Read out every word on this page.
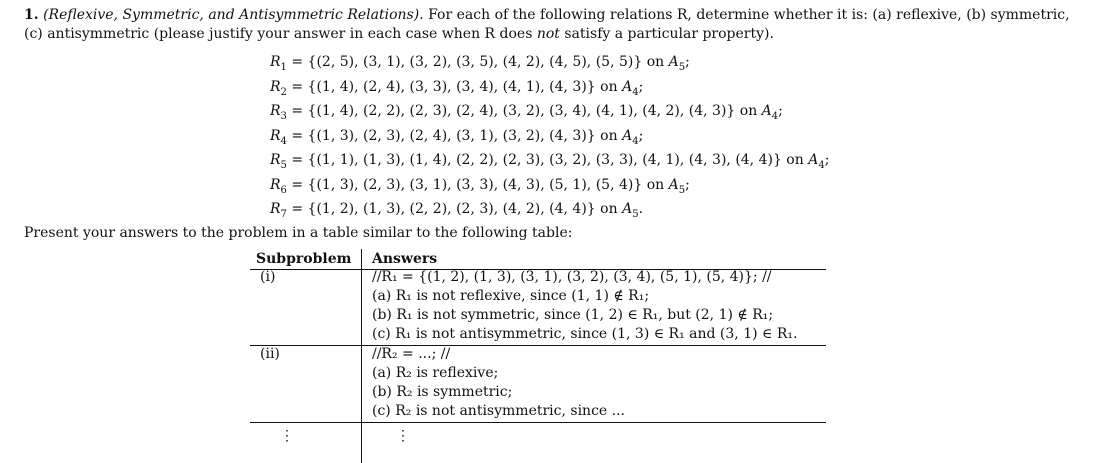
1. (Reflexive, Symmetric, and Antisymmetric Relations). For each of the following relations R, determine whether it is: (a) reflexive, (b) symmetric, (c) antisymmetric (please justify your answer in each case when R does not satisfy a particular property).
$R_1 = \{(2$, 5), (3, 1), (3, 2), (3, 5), (4, 2), (4, 5), (5, 5)} on $A_5$;
$R_2 = \{(1$, 4), (2, 4), (3, 3), (3, 4), (4, 1), (4, 3)} on $A_4$;
$R_3 = \{(1$, 4), (2, 2), (2, 3), (2, 4), (3, 2), (3, 4), (4, 1), (4, 2), (4, 3)} on $A_4$;
$R_4 = \{(1$, 3), (2, 3), (2, 4), (3, 1), (3, 2), (4, 3)} on $A_4$;
$R_5 = \{(1$, 1), (1, 3), (1, 4), (2, 2), (2, 3), (3, 2), (3, 3), (4, 1), (4, 3), (4, 4)} on $A_4$;
$R_6 = \{(1$, 3), (2, 3), (3, 1), (3, 3), (4, 3), (5, 1), (5, 4)} on $A_5$;
$R_7 = \{(1$, 2), (1, 3), (2, 2), (2, 3), (4, 2), (4, 4)} on $A_5$.
Present your answers to the problem in a table similar to the following table:
Subproblem Answers
(i)	//R₁ = {(1, 2), (1, 3), (3, 1), (3, 2), (3, 4), (5, 1), (5, 4)}; //
(a) R₁ is not reflexive, since (1, 1) ∉ R₁;
(b) R₁ is not symmetric, since (1, 2) ∈ R₁, but (2, 1) ∉ R₁;
(c) R₁ is not antisymmetric, since (1, 3) ∈ R₁ and (3, 1) ∈ R₁.
(ii)	//R₂ = ...; //
(a) R₂ is reflexive;
(b) R₂ is symmetric;
(c) R₂ is not antisymmetric, since ...
⋮	⋮
